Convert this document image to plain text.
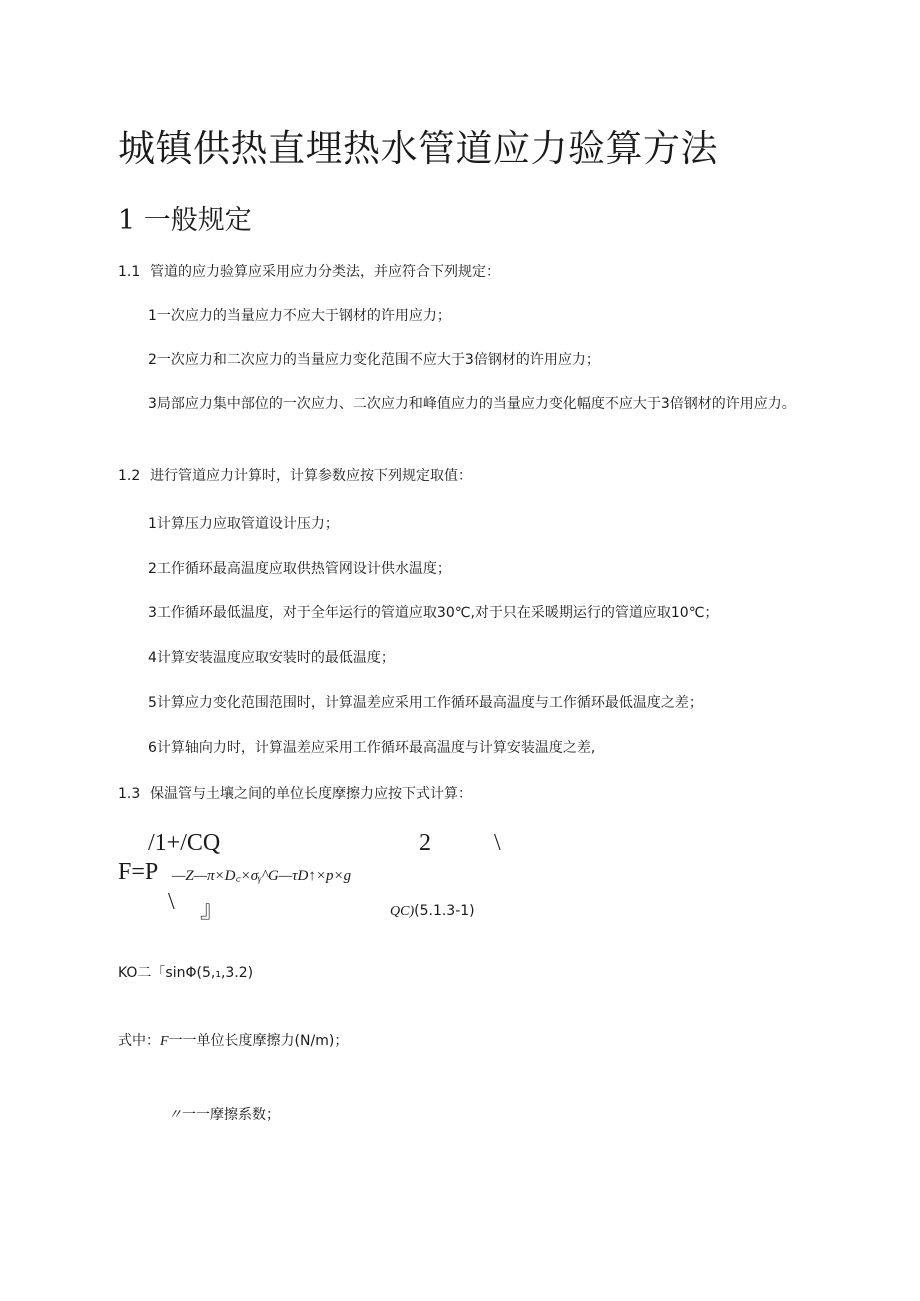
城镇供热直埋热水管道应力验算方法
1 一般规定
1.1 管道的应力验算应采用应力分类法，并应符合下列规定：
1一次应力的当量应力不应大于钢材的许用应力；
2一次应力和二次应力的当量应力变化范围不应大于3倍钢材的许用应力；
3局部应力集中部位的一次应力、二次应力和峰值应力的当量应力变化幅度不应大于3倍钢材的许用应力。
1.2 进行管道应力计算时，计算参数应按下列规定取值：
1计算压力应取管道设计压力；
2工作循环最高温度应取供热管网设计供水温度；
3工作循环最低温度，对于全年运行的管道应取30℃,对于只在采暖期运行的管道应取10℃；
4计算安装温度应取安装时的最低温度；
5计算应力变化范围范围时，计算温差应采用工作循环最高温度与工作循环最低温度之差；
6计算轴向力时，计算温差应采用工作循环最高温度与计算安装温度之差,
1.3 保温管与土壤之间的单位长度摩擦力应按下式计算：
/1+/CQ	2	\
F=P —Z—π×D꜀×σᵧ^G—τD↑×p×g
\ 』	QC)(5.1.3-1)
KO二「sinΦ(5,₁,3.2)
式中：F一一单位长度摩擦力(N/m)；
〃一一摩擦系数；
